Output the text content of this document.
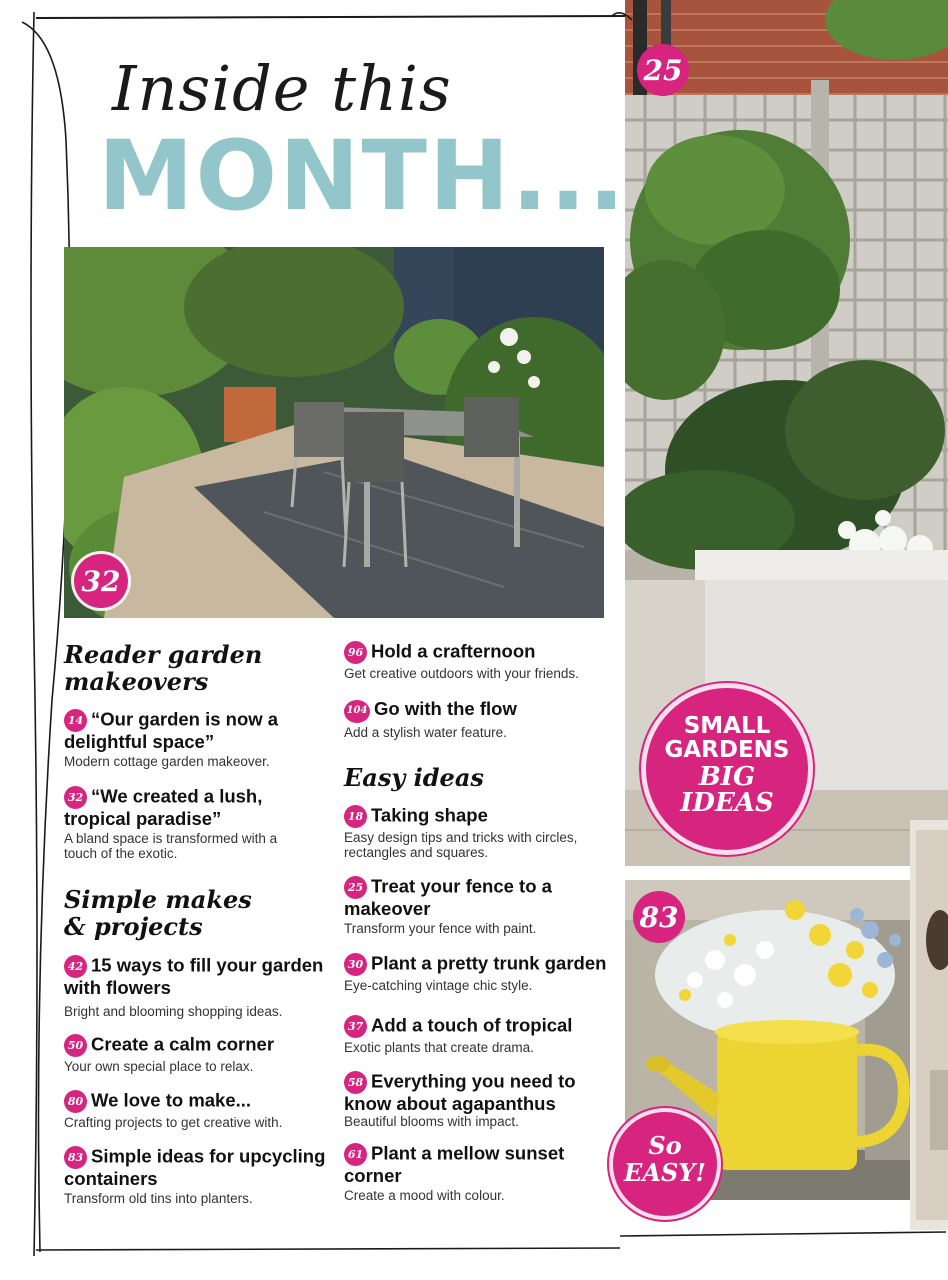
25
SMALL
GARDENS
BIG
IDEAS
83
So
EASY!
Inside this
MONTH...
32
Reader garden
makeovers
14 “Our garden is now a
delightful space”
Modern cottage garden makeover.
32 “We created a lush,
tropical paradise”
A bland space is transformed with a
touch of the exotic.
Simple makes
& projects
42 15 ways to fill your garden
with flowers
Bright and blooming shopping ideas.
50 Create a calm corner
Your own special place to relax.
80 We love to make...
Crafting projects to get creative with.
83 Simple ideas for upcycling
containers
Transform old tins into planters.
96 Hold a crafternoon
Get creative outdoors with your friends.
104 Go with the flow
Add a stylish water feature.
Easy ideas
18 Taking shape
Easy design tips and tricks with circles,
rectangles and squares.
25 Treat your fence to a
makeover
Transform your fence with paint.
30 Plant a pretty trunk garden
Eye-catching vintage chic style.
37 Add a touch of tropical
Exotic plants that create drama.
58 Everything you need to
know about agapanthus
Beautiful blooms with impact.
61 Plant a mellow sunset
corner
Create a mood with colour.
